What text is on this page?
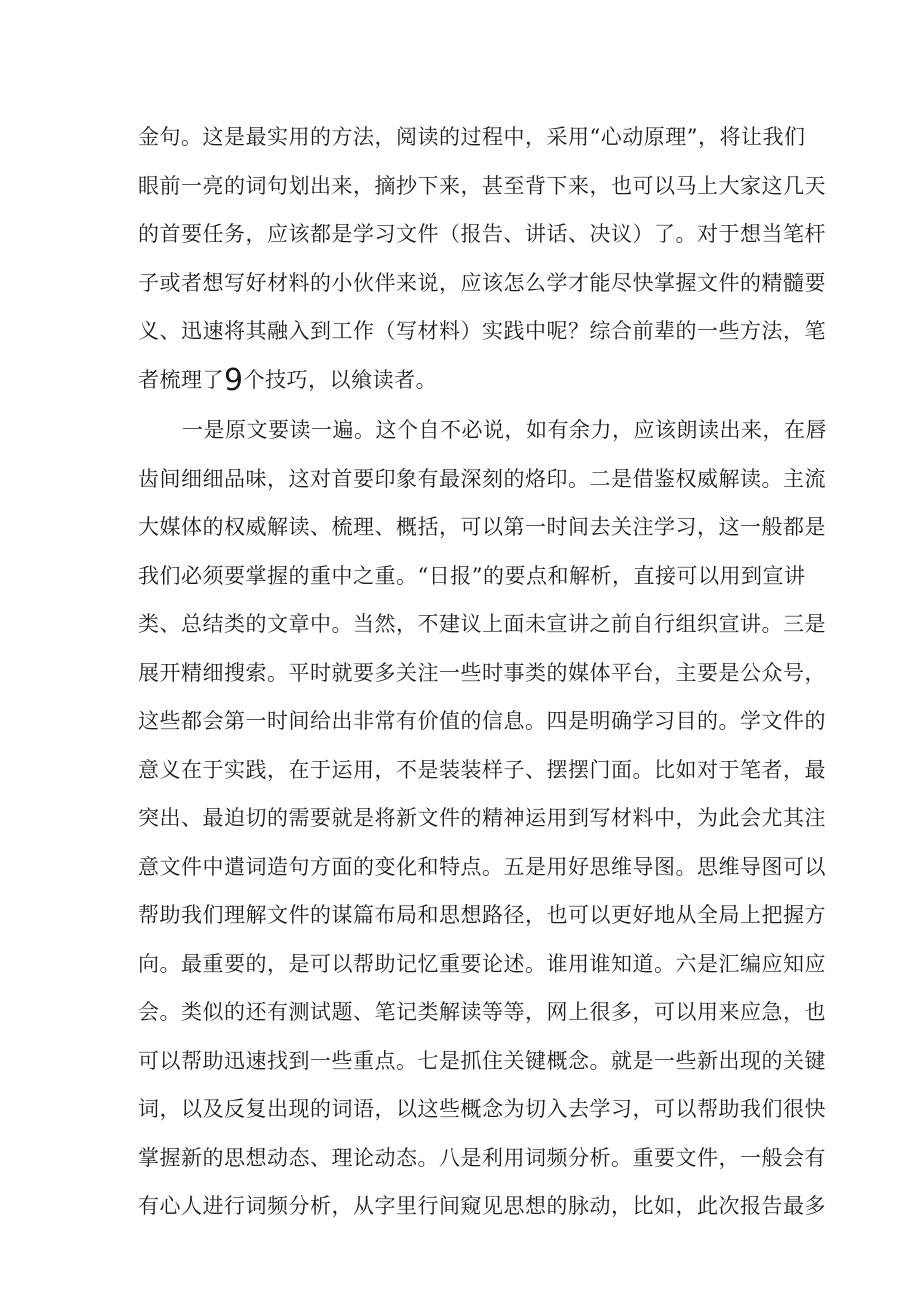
金句。这是最实用的方法，阅读的过程中，采用“心动原理”，将让我们
眼前一亮的词句划出来，摘抄下来，甚至背下来，也可以马上大家这几天
的首要任务，应该都是学习文件（报告、讲话、决议）了。对于想当笔杆
子或者想写好材料的小伙伴来说，应该怎么学才能尽快掌握文件的精髓要
义、迅速将其融入到工作（写材料）实践中呢？综合前辈的一些方法，笔
者梳理了9个技巧，以飨读者。
一是原文要读一遍。这个自不必说，如有余力，应该朗读出来，在唇
齿间细细品味，这对首要印象有最深刻的烙印。二是借鉴权威解读。主流
大媒体的权威解读、梳理、概括，可以第一时间去关注学习，这一般都是
我们必须要掌握的重中之重。“日报”的要点和解析，直接可以用到宣讲
类、总结类的文章中。当然，不建议上面未宣讲之前自行组织宣讲。三是
展开精细搜索。平时就要多关注一些时事类的媒体平台，主要是公众号，
这些都会第一时间给出非常有价值的信息。四是明确学习目的。学文件的
意义在于实践，在于运用，不是装装样子、摆摆门面。比如对于笔者，最
突出、最迫切的需要就是将新文件的精神运用到写材料中，为此会尤其注
意文件中遣词造句方面的变化和特点。五是用好思维导图。思维导图可以
帮助我们理解文件的谋篇布局和思想路径，也可以更好地从全局上把握方
向。最重要的，是可以帮助记忆重要论述。谁用谁知道。六是汇编应知应
会。类似的还有测试题、笔记类解读等等，网上很多，可以用来应急，也
可以帮助迅速找到一些重点。七是抓住关键概念。就是一些新出现的关键
词，以及反复出现的词语，以这些概念为切入去学习，可以帮助我们很快
掌握新的思想动态、理论动态。八是利用词频分析。重要文件，一般会有
有心人进行词频分析，从字里行间窥见思想的脉动，比如，此次报告最多
